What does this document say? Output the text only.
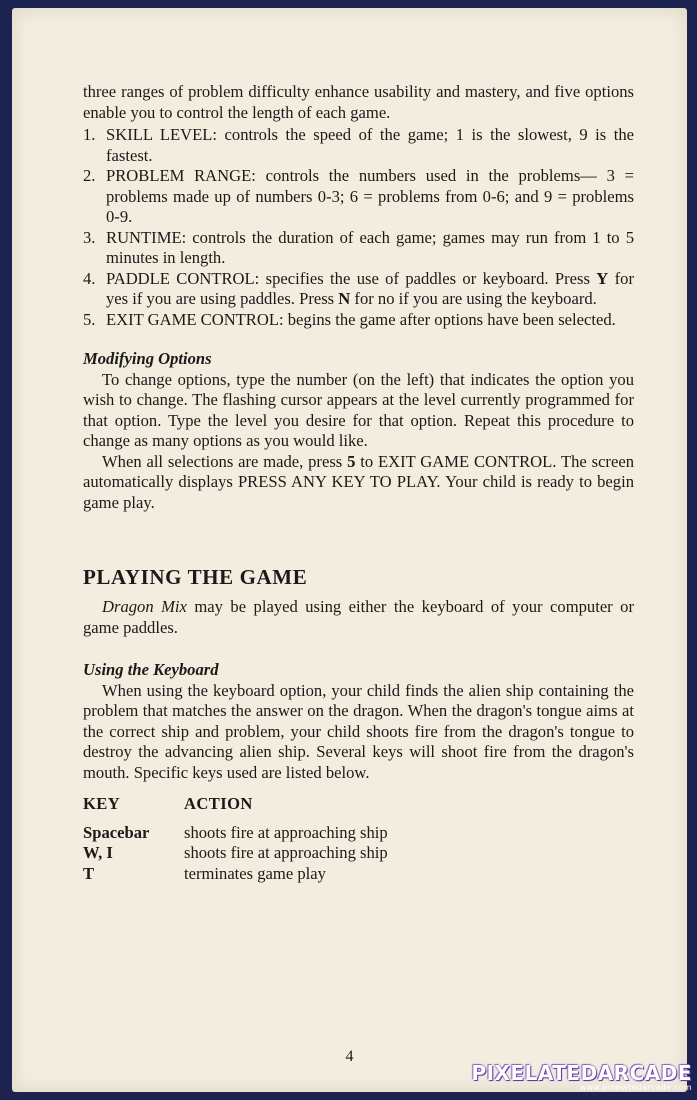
three ranges of problem difficulty enhance usability and mastery, and five options enable you to control the length of each game.

1. SKILL LEVEL: controls the speed of the game; 1 is the slowest, 9 is the fastest.
2. PROBLEM RANGE: controls the numbers used in the problems— 3 = problems made up of numbers 0-3; 6 = problems from 0-6; and 9 = problems 0-9.
3. RUNTIME: controls the duration of each game; games may run from 1 to 5 minutes in length.
4. PADDLE CONTROL: specifies the use of paddles or keyboard. Press Y for yes if you are using paddles. Press N for no if you are using the keyboard.
5. EXIT GAME CONTROL: begins the game after options have been selected.
Modifying Options

To change options, type the number (on the left) that indicates the option you wish to change. The flashing cursor appears at the level currently programmed for that option. Type the level you desire for that option. Repeat this procedure to change as many options as you would like.

When all selections are made, press 5 to EXIT GAME CONTROL. The screen automatically displays PRESS ANY KEY TO PLAY. Your child is ready to begin game play.

PLAYING THE GAME

Dragon Mix may be played using either the keyboard of your computer or game paddles.

Using the Keyboard

When using the keyboard option, your child finds the alien ship containing the problem that matches the answer on the dragon. When the dragon's tongue aims at the correct ship and problem, your child shoots fire from the dragon's tongue to destroy the advancing alien ship. Several keys will shoot fire from the dragon's mouth. Specific keys used are listed below.

KEY	ACTION
Spacebar	shoots fire at approaching ship
W, I	shoots fire at approaching ship
T	terminates game play
4
PIXELATEDARCADE
www.pixelatedarcade.com
